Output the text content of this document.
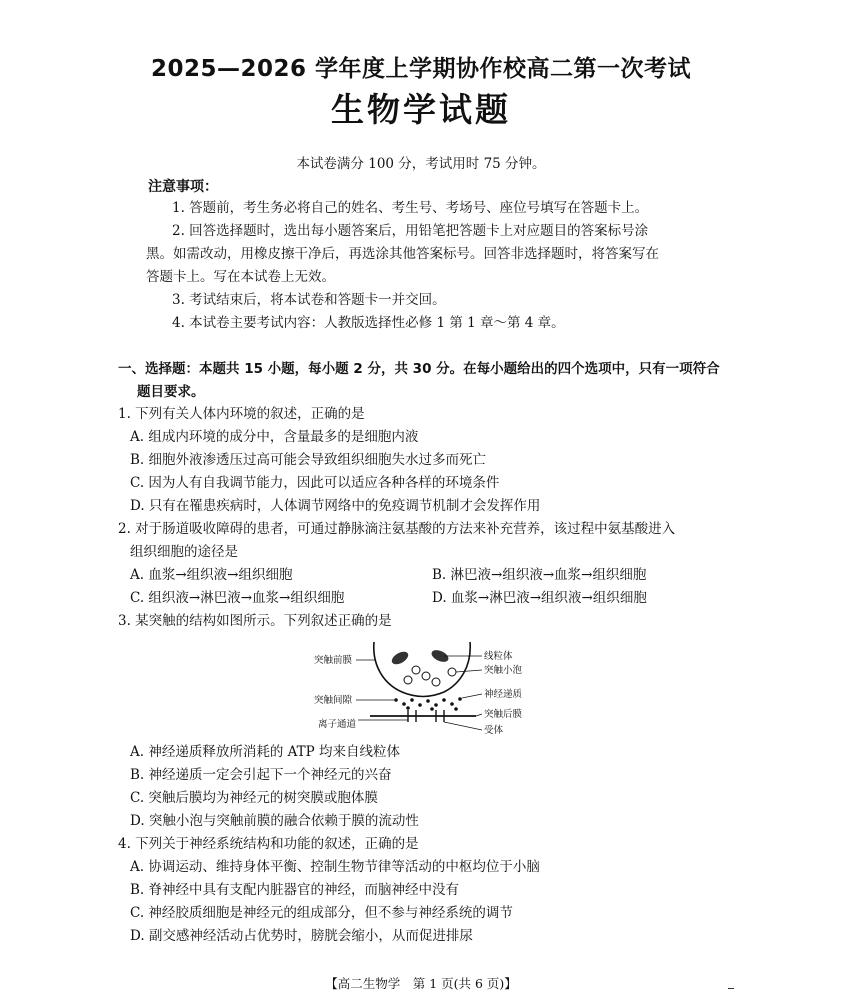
2025—2026 学年度上学期协作校高二第一次考试
生物学试题
本试卷满分 100 分，考试用时 75 分钟。
注意事项：
1. 答题前，考生务必将自己的姓名、考生号、考场号、座位号填写在答题卡上。
2. 回答选择题时，选出每小题答案后，用铅笔把答题卡上对应题目的答案标号涂
黑。如需改动，用橡皮擦干净后，再选涂其他答案标号。回答非选择题时，将答案写在
答题卡上。写在本试卷上无效。
3. 考试结束后，将本试卷和答题卡一并交回。
4. 本试卷主要考试内容：人教版选择性必修 1 第 1 章～第 4 章。
一、选择题：本题共 15 小题，每小题 2 分，共 30 分。在每小题给出的四个选项中，只有一项符合
题目要求。
1. 下列有关人体内环境的叙述，正确的是
A. 组成内环境的成分中，含量最多的是细胞内液
B. 细胞外液渗透压过高可能会导致组织细胞失水过多而死亡
C. 因为人有自我调节能力，因此可以适应各种各样的环境条件
D. 只有在罹患疾病时，人体调节网络中的免疫调节机制才会发挥作用
2. 对于肠道吸收障碍的患者，可通过静脉滴注氨基酸的方法来补充营养，该过程中氨基酸进入
组织细胞的途径是
A. 血浆→组织液→组织细胞	B. 淋巴液→组织液→血浆→组织细胞
C. 组织液→淋巴液→血浆→组织细胞	D. 血浆→淋巴液→组织液→组织细胞
3. 某突触的结构如图所示。下列叙述正确的是
突触前膜
突触间隙
离子通道
线粒体
突触小泡
神经递质
突触后膜
受体
A. 神经递质释放所消耗的 ATP 均来自线粒体
B. 神经递质一定会引起下一个神经元的兴奋
C. 突触后膜均为神经元的树突膜或胞体膜
D. 突触小泡与突触前膜的融合依赖于膜的流动性
4. 下列关于神经系统结构和功能的叙述，正确的是
A. 协调运动、维持身体平衡、控制生物节律等活动的中枢均位于小脑
B. 脊神经中具有支配内脏器官的神经，而脑神经中没有
C. 神经胶质细胞是神经元的组成部分，但不参与神经系统的调节
D. 副交感神经活动占优势时，膀胱会缩小，从而促进排尿
【高二生物学　第 1 页(共 6 页)】
